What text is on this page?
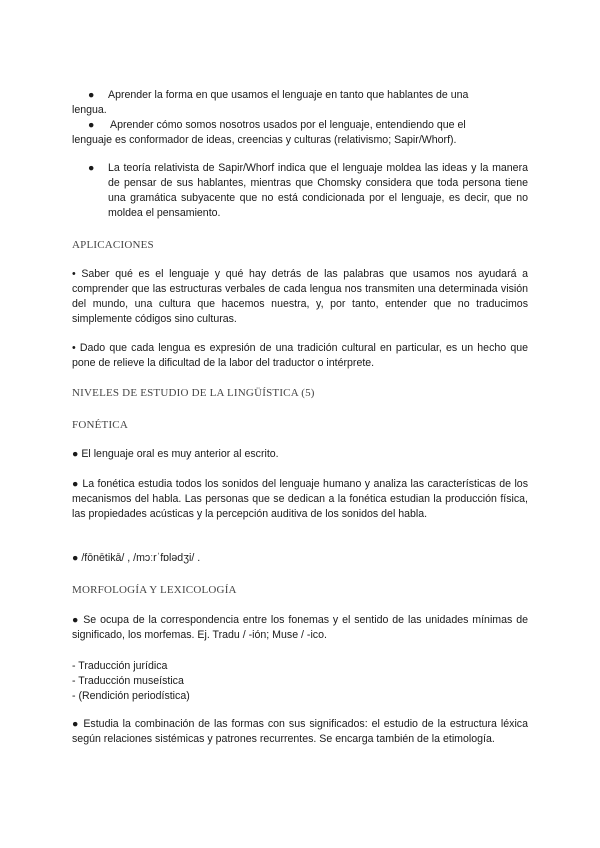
● Aprender la forma en que usamos el lenguaje en tanto que hablantes de una

lengua.

● Aprender cómo somos nosotros usados por el lenguaje, entendiendo que el

lenguaje es conformador de ideas, creencias y culturas (relativismo; Sapir/Whorf).

● La teoría relativista de Sapir/Whorf indica que el lenguaje moldea las ideas y la manera de pensar de sus hablantes, mientras que Chomsky considera que toda persona tiene una gramática subyacente que no está condicionada por el lenguaje, es decir, que no moldea el pensamiento.

APLICACIONES

• Saber qué es el lenguaje y qué hay detrás de las palabras que usamos nos ayudará a comprender que las estructuras verbales de cada lengua nos transmiten una determinada visión del mundo, una cultura que hacemos nuestra, y, por tanto, entender que no traducimos simplemente códigos sino culturas.

• Dado que cada lengua es expresión de una tradición cultural en particular, es un hecho que pone de relieve la dificultad de la labor del traductor o intérprete.

NIVELES DE ESTUDIO DE LA LINGÜÍSTICA (5)
FONÉTICA

● El lenguaje oral es muy anterior al escrito.

● La fonética estudia todos los sonidos del lenguaje humano y analiza las características de los mecanismos del habla. Las personas que se dedican a la fonética estudian la producción física, las propiedades acústicas y la percepción auditiva de los sonidos del habla.

● /fōnētikā/ , /mɔːrˈfɒlədʒi/ .

MORFOLOGÍA Y LEXICOLOGÍA

● Se ocupa de la correspondencia entre los fonemas y el sentido de las unidades mínimas de significado, los morfemas. Ej. Tradu / -ión; Muse / -ico.

- Traducción jurídica

- Traducción museística

- (Rendición periodística)

● Estudia la combinación de las formas con sus significados: el estudio de la estructura léxica según relaciones sistémicas y patrones recurrentes. Se encarga también de la etimología.
